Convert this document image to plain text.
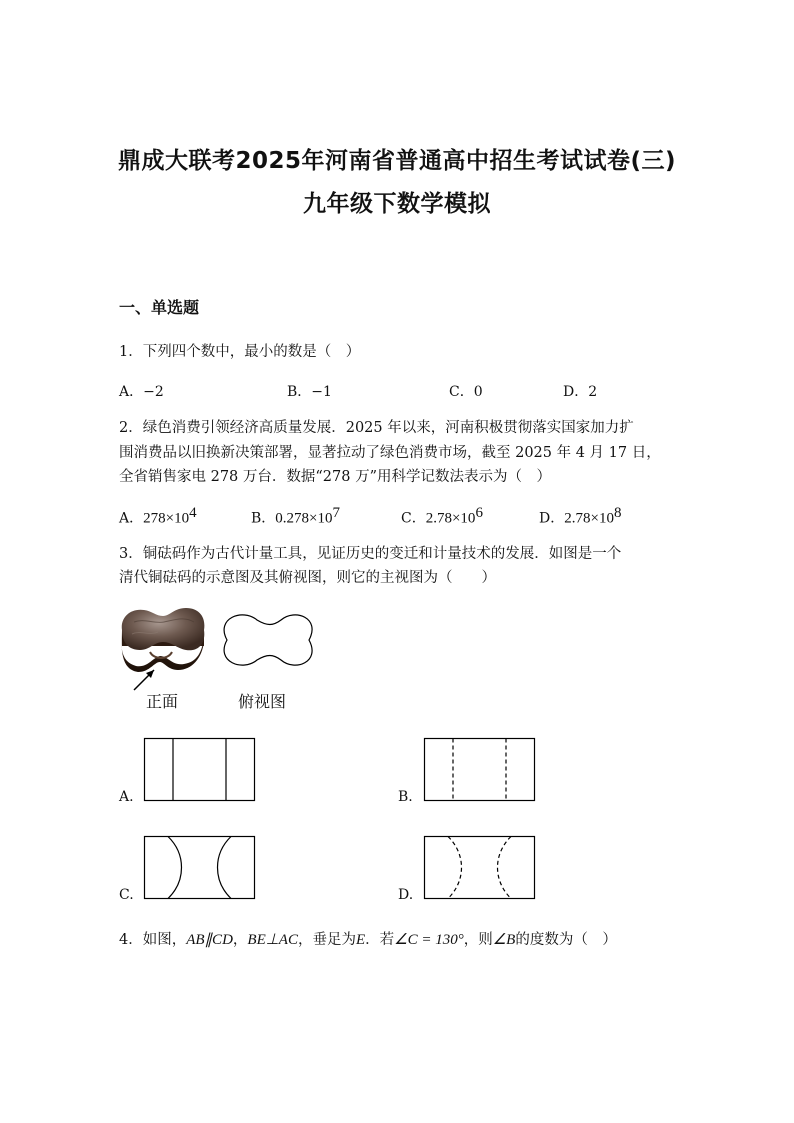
鼎成大联考2025年河南省普通高中招生考试试卷(三)
九年级下数学模拟
一、单选题
1．下列四个数中，最小的数是（　）
A．−2	B．−1	C．0	D．2
2．绿色消费引领经济高质量发展．2025 年以来，河南积极贯彻落实国家加力扩
围消费品以旧换新决策部署，显著拉动了绿色消费市场，截至 2025 年 4 月 17 日，
全省销售家电 278 万台．数据“278 万”用科学记数法表示为（　）
A．$278\times 10^4$	B．$0.278\times 10^7$	C．$2.78\times 10^6$	D．$2.78\times 10^8$
3．铜砝码作为古代计量工具，见证历史的变迁和计量技术的发展．如图是一个
清代铜砝码的示意图及其俯视图，则它的主视图为（　　）
正面	俯视图
A.	B.
C.	D.
4．如图，AB∥CD，BE⊥AC，垂足为E．若∠C = 130°，则∠B的度数为（　）
